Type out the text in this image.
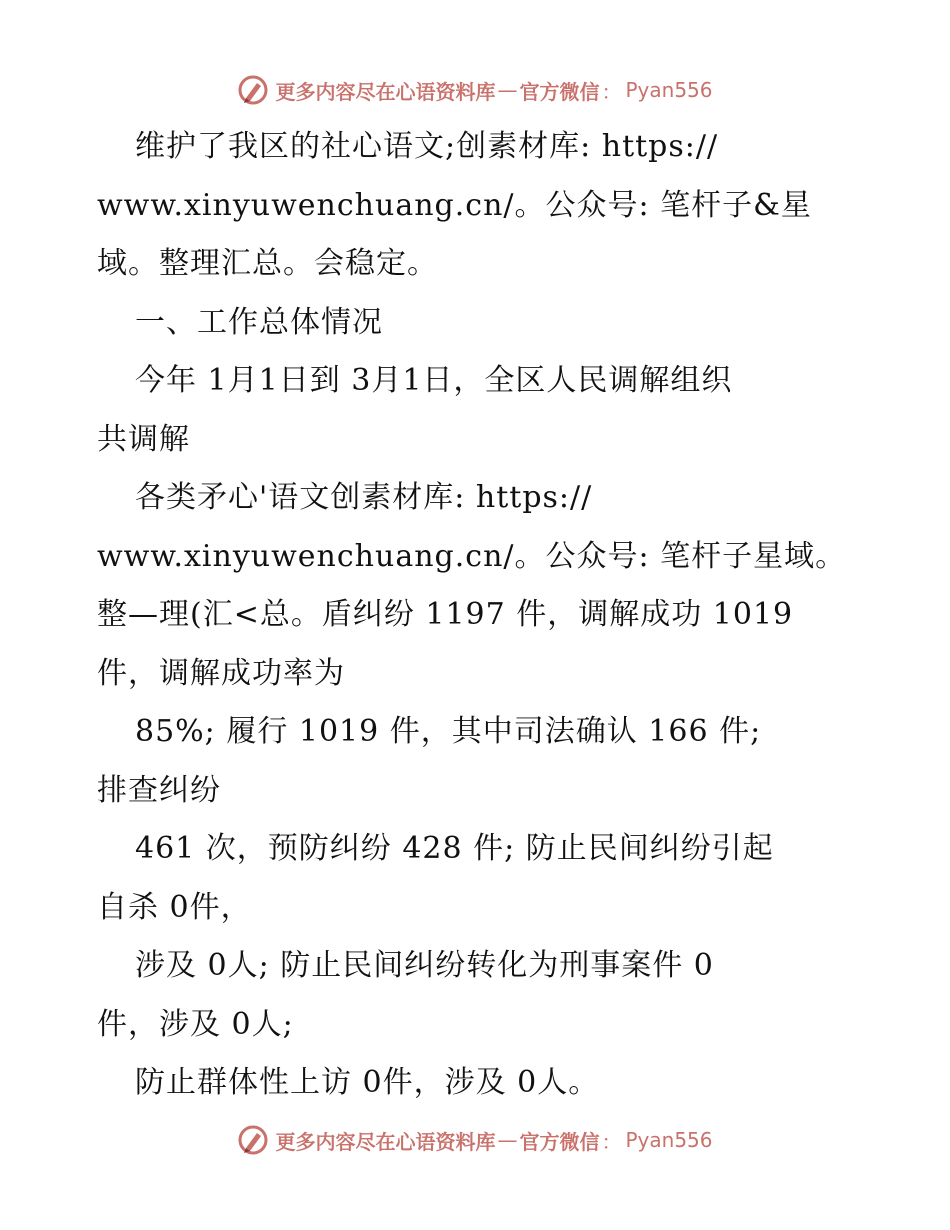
更多内容尽在心语资料库 — 官方微信 ： Pyan556
维护了我区的社心语文;创素材库: https://
www.xinyuwenchuang.cn/。公众号: 笔杆子&星
域。整理汇总。会稳定。
一、工作总体情况
今年 1月1日到 3月1日，全区人民调解组织
共调解
各类矛心'语文创素材库: https://
www.xinyuwenchuang.cn/。公众号: 笔杆子星域。
整—理(汇<总。盾纠纷 1197 件，调解成功 1019
件，调解成功率为
85%; 履行 1019 件，其中司法确认 166 件;
排查纠纷
461 次，预防纠纷 428 件; 防止民间纠纷引起
自杀 0件，
涉及 0人; 防止民间纠纷转化为刑事案件 0
件，涉及 0人;
防止群体性上访 0件，涉及 0人。
更多内容尽在心语资料库 — 官方微信 ： Pyan556
